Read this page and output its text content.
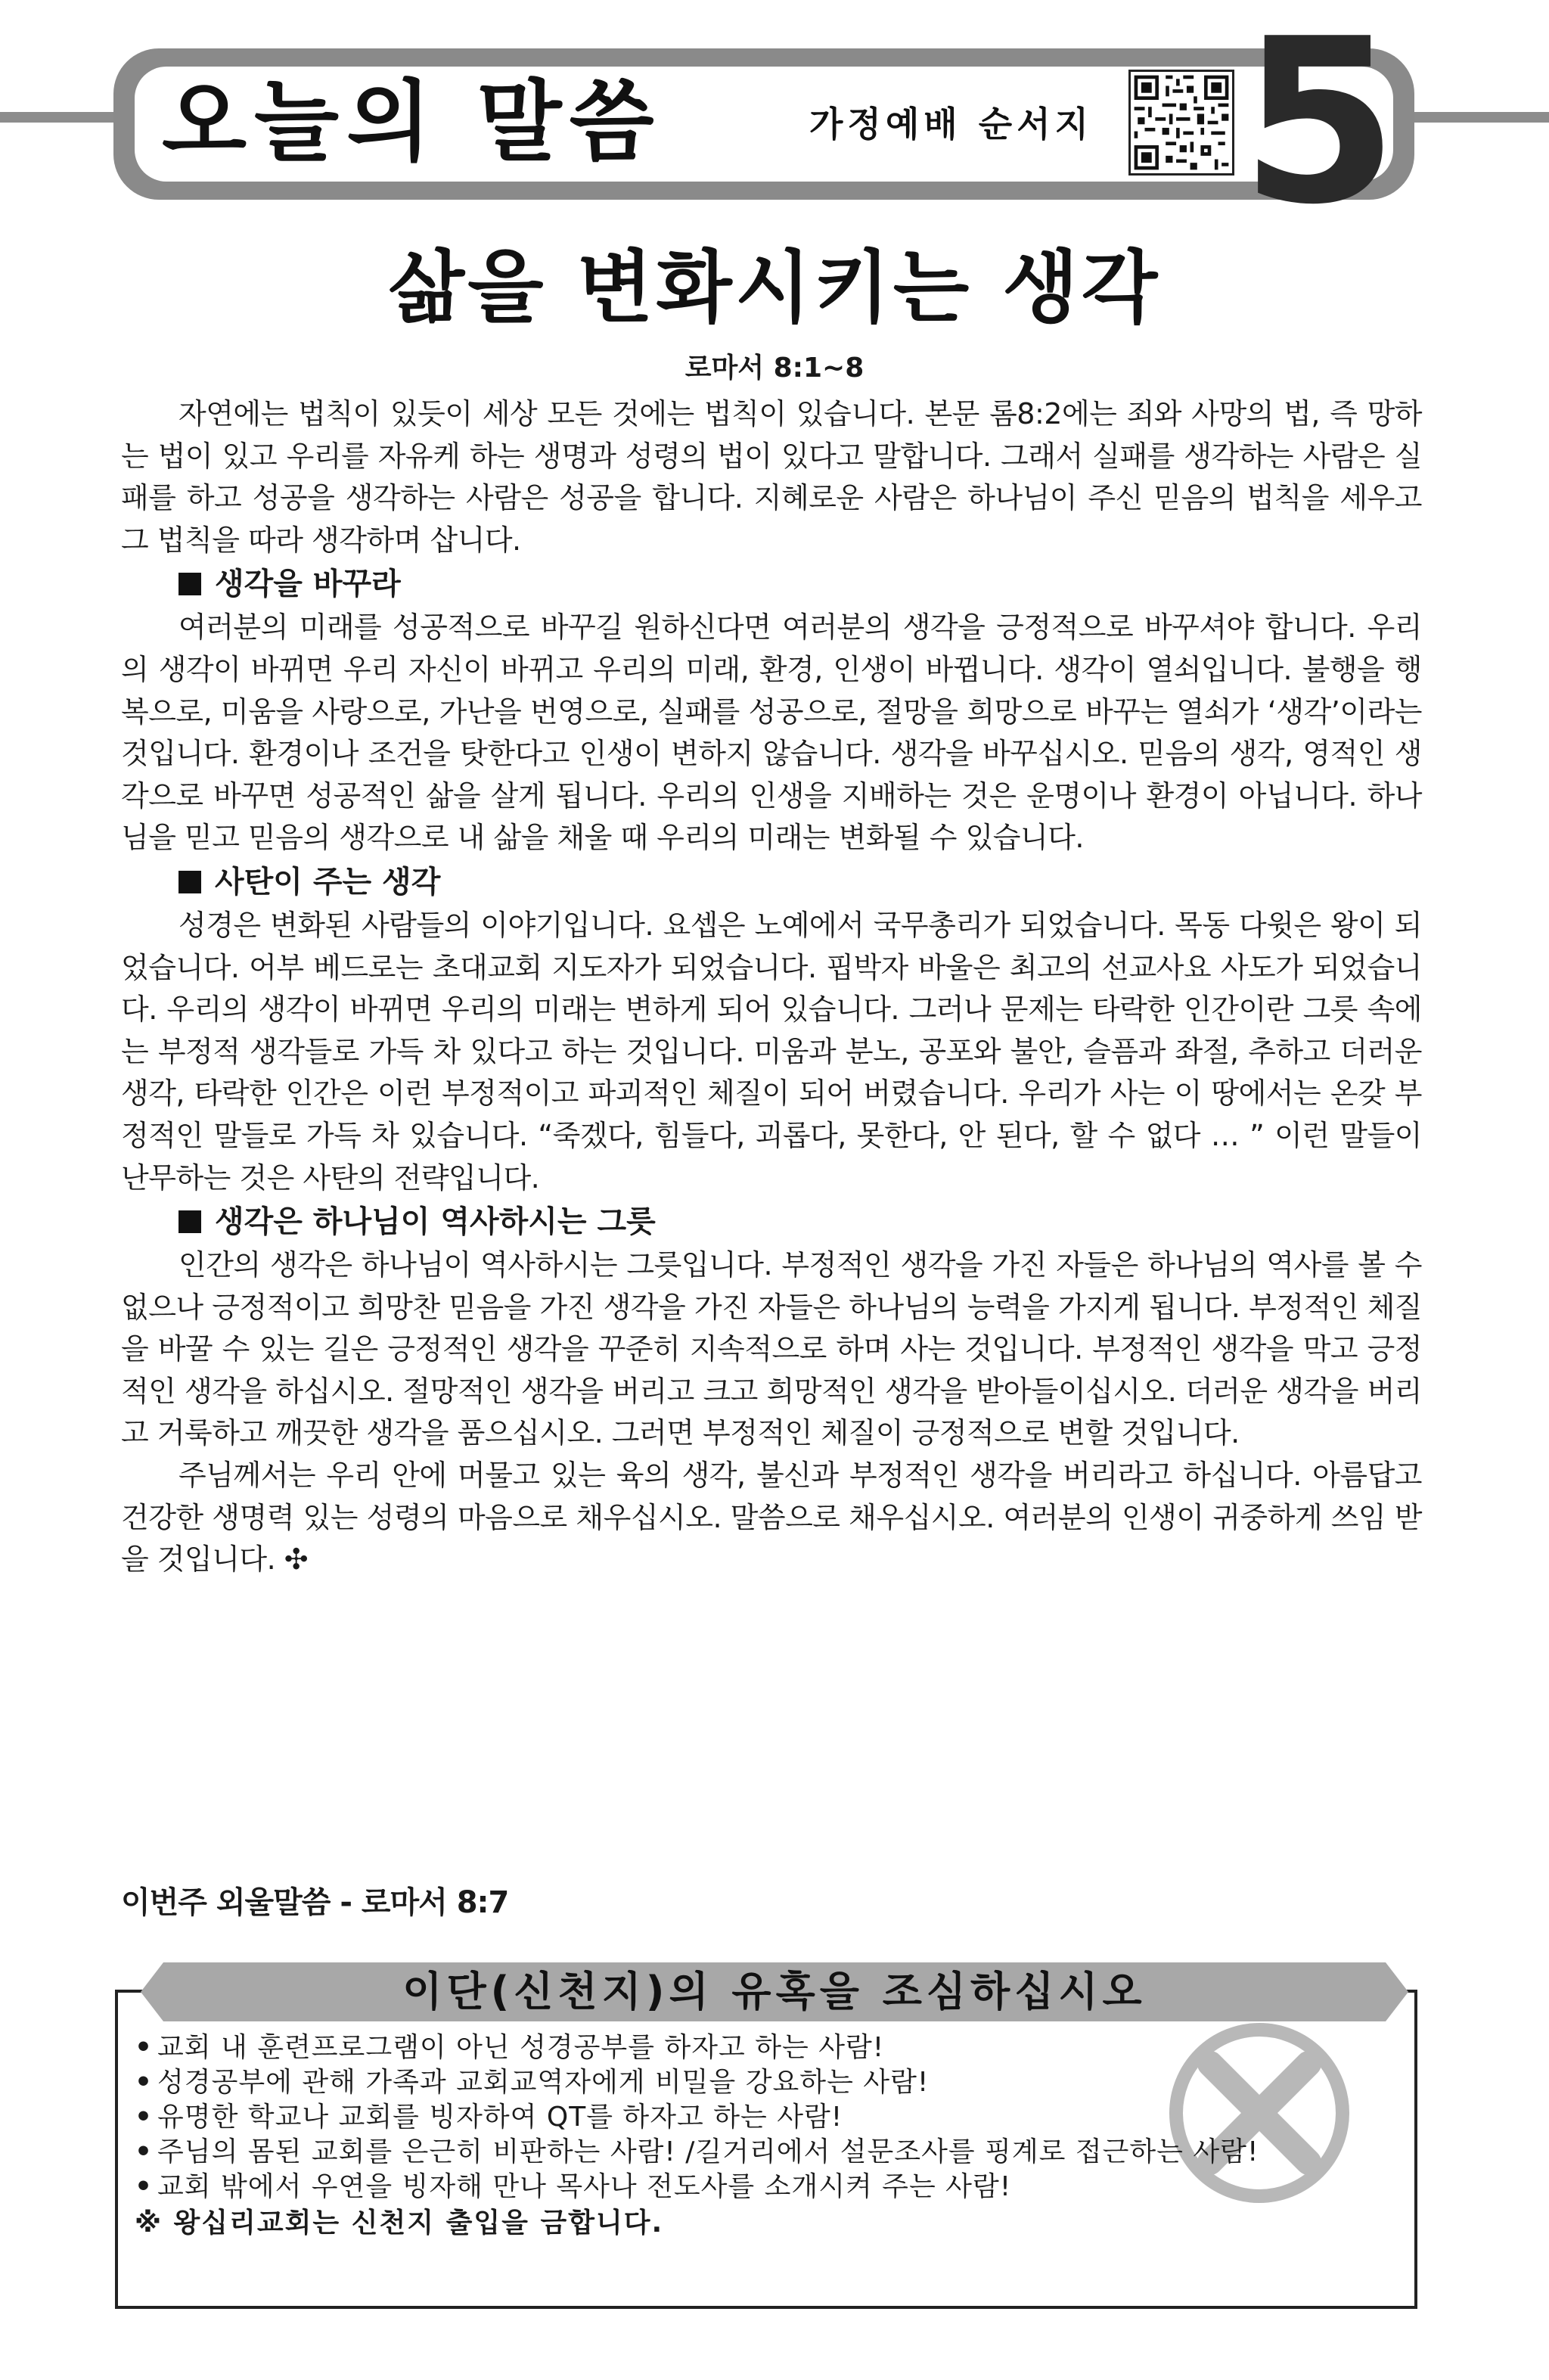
오늘의 말씀	가정예배 순서지 5
삶을 변화시키는 생각
로마서 8:1~8

자연에는 법칙이 있듯이 세상 모든 것에는 법칙이 있습니다. 본문 롬8:2에는 죄와 사망의 법, 즉 망하는 법이 있고 우리를 자유케 하는 생명과 성령의 법이 있다고 말합니다. 그래서 실패를 생각하는 사람은 실패를 하고 성공을 생각하는 사람은 성공을 합니다. 지혜로운 사람은 하나님이 주신 믿음의 법칙을 세우고 그 법칙을 따라 생각하며 삽니다.

생각을 바꾸라

여러분의 미래를 성공적으로 바꾸길 원하신다면 여러분의 생각을 긍정적으로 바꾸셔야 합니다. 우리의 생각이 바뀌면 우리 자신이 바뀌고 우리의 미래, 환경, 인생이 바뀝니다. 생각이 열쇠입니다. 불행을 행복으로, 미움을 사랑으로, 가난을 번영으로, 실패를 성공으로, 절망을 희망으로 바꾸는 열쇠가 ‘생각’이라는 것입니다. 환경이나 조건을 탓한다고 인생이 변하지 않습니다. 생각을 바꾸십시오. 믿음의 생각, 영적인 생각으로 바꾸면 성공적인 삶을 살게 됩니다. 우리의 인생을 지배하는 것은 운명이나 환경이 아닙니다. 하나님을 믿고 믿음의 생각으로 내 삶을 채울 때 우리의 미래는 변화될 수 있습니다.

사탄이 주는 생각

성경은 변화된 사람들의 이야기입니다. 요셉은 노예에서 국무총리가 되었습니다. 목동 다윗은 왕이 되었습니다. 어부 베드로는 초대교회 지도자가 되었습니다. 핍박자 바울은 최고의 선교사요 사도가 되었습니다. 우리의 생각이 바뀌면 우리의 미래는 변하게 되어 있습니다. 그러나 문제는 타락한 인간이란 그릇 속에는 부정적 생각들로 가득 차 있다고 하는 것입니다. 미움과 분노, 공포와 불안, 슬픔과 좌절, 추하고 더러운 생각, 타락한 인간은 이런 부정적이고 파괴적인 체질이 되어 버렸습니다. 우리가 사는 이 땅에서는 온갖 부정적인 말들로 가득 차 있습니다. “죽겠다, 힘들다, 괴롭다, 못한다, 안 된다, 할 수 없다 … ” 이런 말들이 난무하는 것은 사탄의 전략입니다.

생각은 하나님이 역사하시는 그릇

인간의 생각은 하나님이 역사하시는 그릇입니다. 부정적인 생각을 가진 자들은 하나님의 역사를 볼 수 없으나 긍정적이고 희망찬 믿음을 가진 생각을 가진 자들은 하나님의 능력을 가지게 됩니다. 부정적인 체질을 바꿀 수 있는 길은 긍정적인 생각을 꾸준히 지속적으로 하며 사는 것입니다. 부정적인 생각을 막고 긍정적인 생각을 하십시오. 절망적인 생각을 버리고 크고 희망적인 생각을 받아들이십시오. 더러운 생각을 버리고 거룩하고 깨끗한 생각을 품으십시오. 그러면 부정적인 체질이 긍정적으로 변할 것입니다.

주님께서는 우리 안에 머물고 있는 육의 생각, 불신과 부정적인 생각을 버리라고 하십니다. 아름답고 건강한 생명력 있는 성령의 마음으로 채우십시오. 말씀으로 채우십시오. 여러분의 인생이 귀중하게 쓰임 받을 것입니다. ✣

이번주 외울말씀 - 로마서 8:7
이단(신천지)의 유혹을 조심하십시오
• 교회 내 훈련프로그램이 아닌 성경공부를 하자고 하는 사람!
• 성경공부에 관해 가족과 교회교역자에게 비밀을 강요하는 사람!
• 유명한 학교나 교회를 빙자하여 QT를 하자고 하는 사람!
• 주님의 몸된 교회를 은근히 비판하는 사람! /길거리에서 설문조사를 핑계로 접근하는 사람!
• 교회 밖에서 우연을 빙자해 만나 목사나 전도사를 소개시켜 주는 사람!
※ 왕십리교회는 신천지 출입을 금합니다.
